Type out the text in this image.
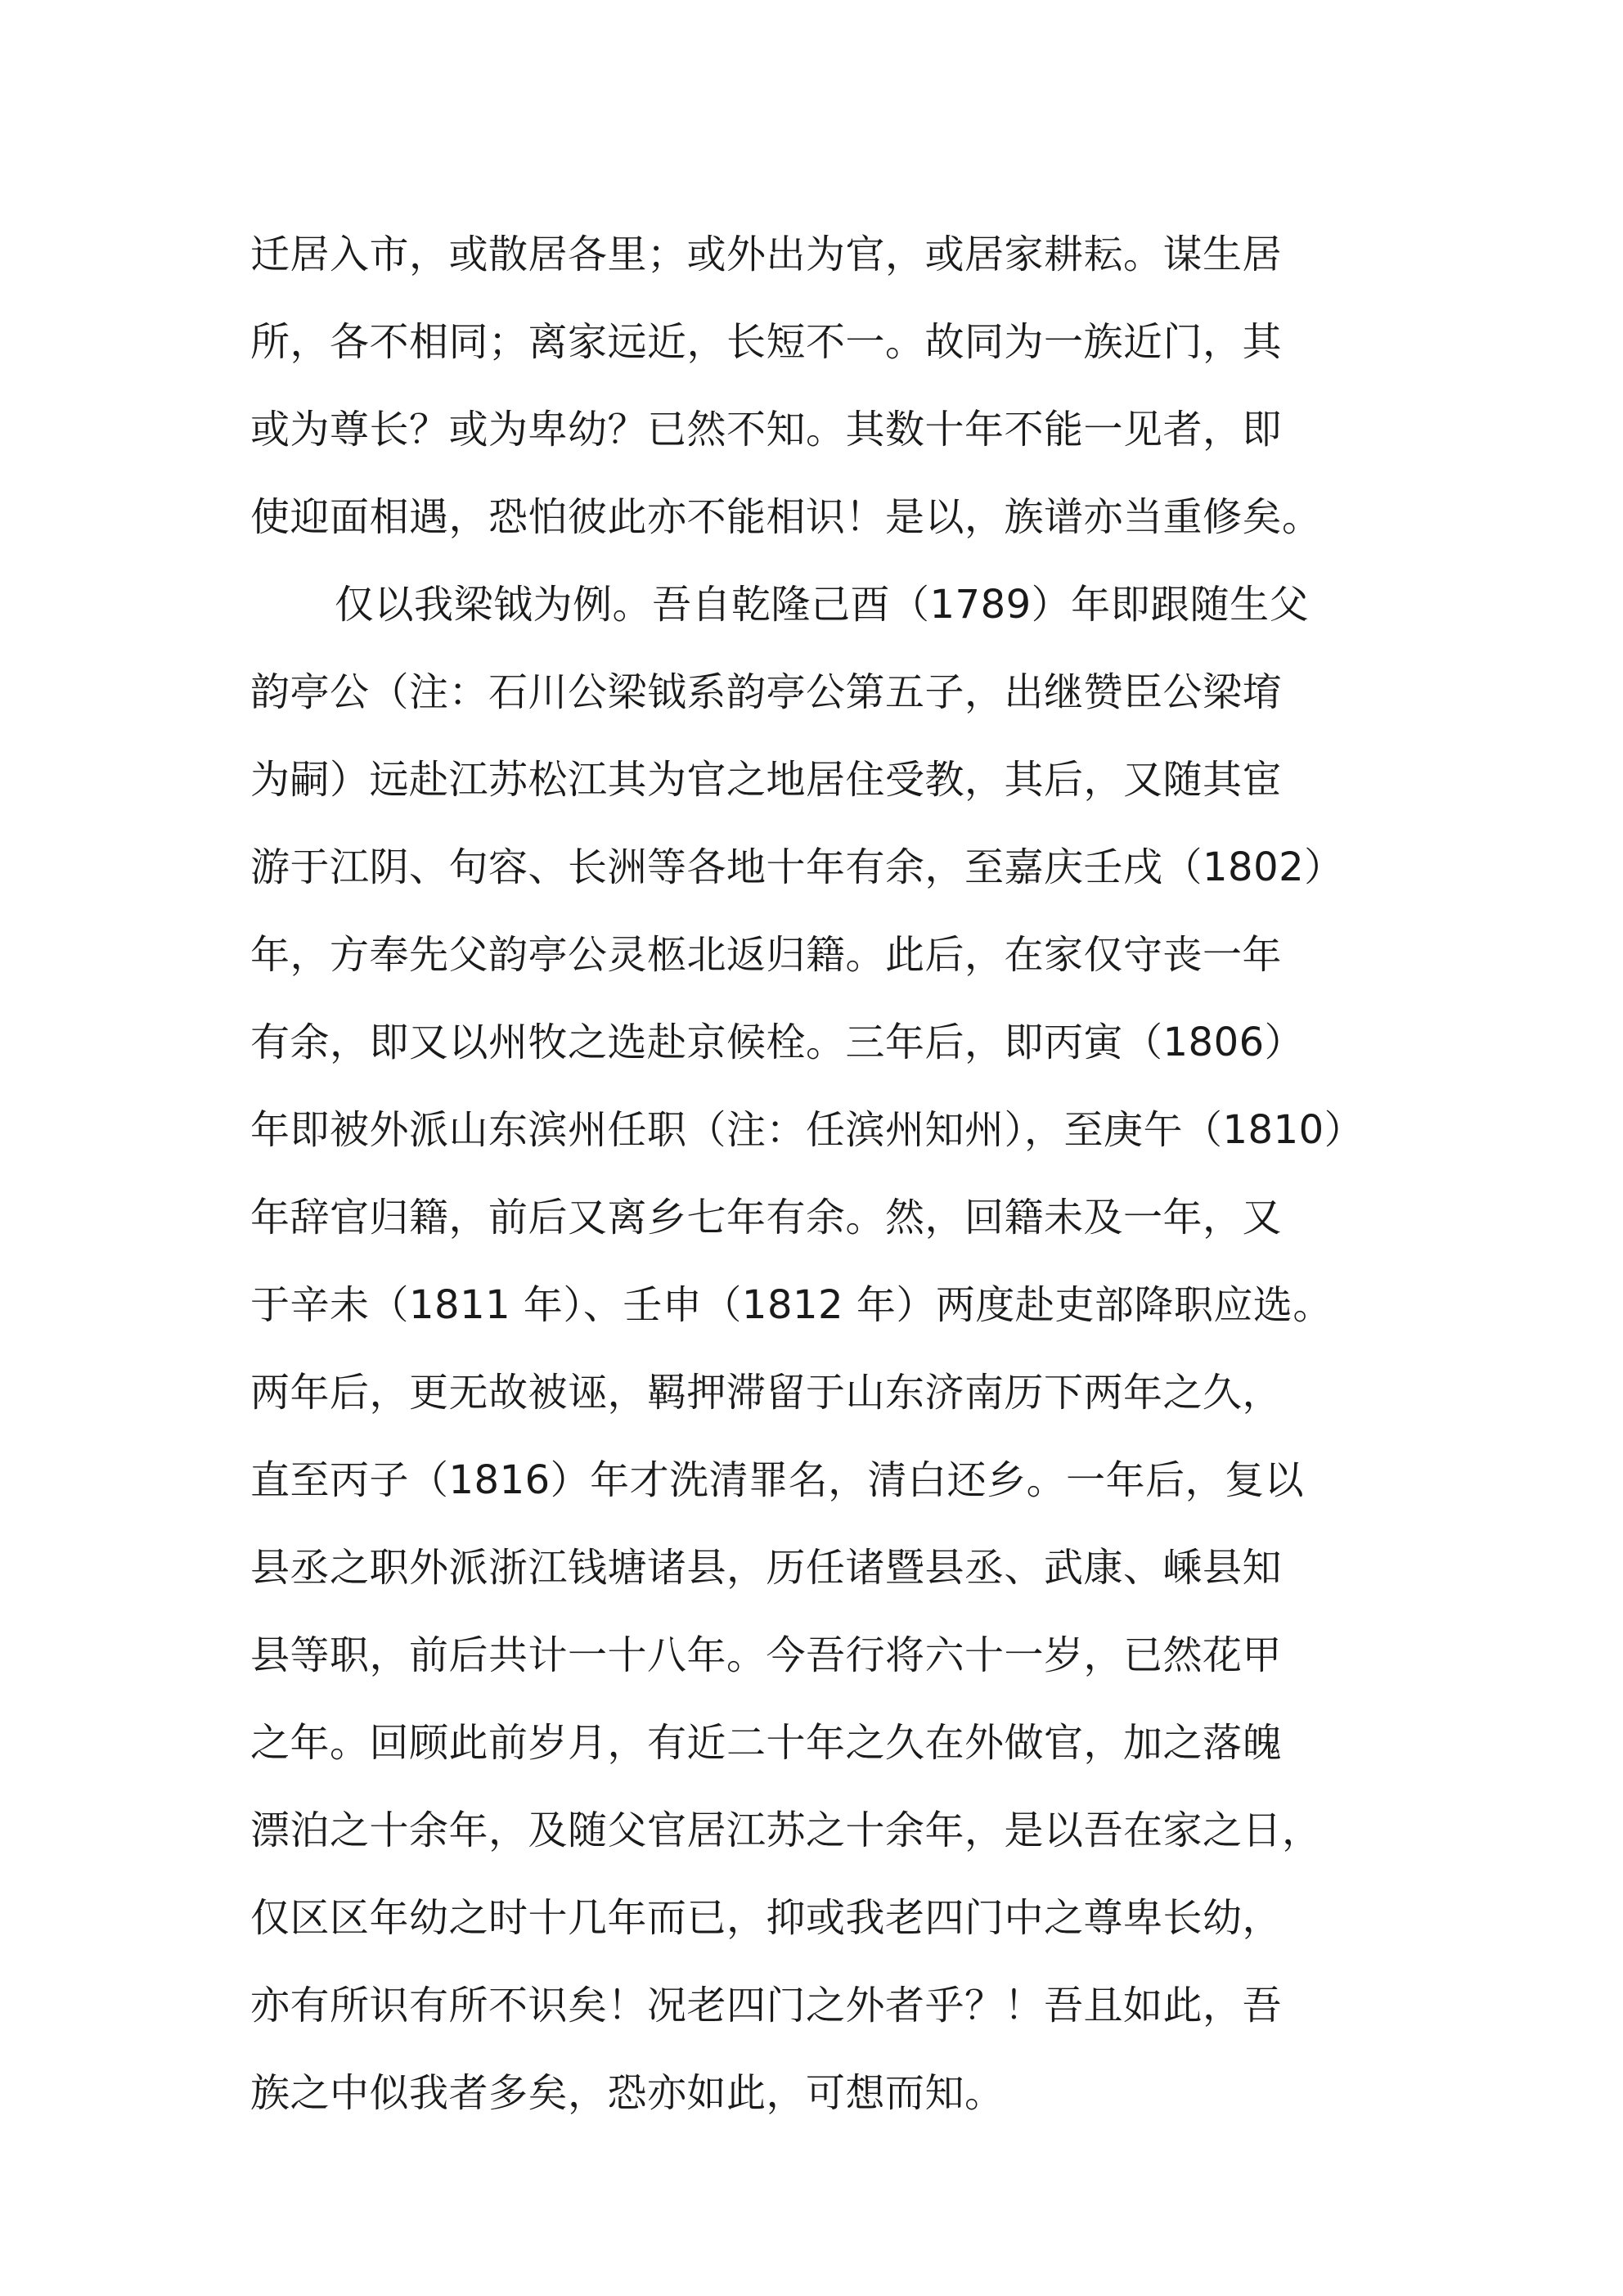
迁居入市，或散居各里；或外出为官，或居家耕耘。谋生居
所，各不相同；离家远近，长短不一。故同为一族近门，其
或为尊长？或为卑幼？已然不知。其数十年不能一见者，即
使迎面相遇，恐怕彼此亦不能相识！是以，族谱亦当重修矣。
仅以我梁钺为例。吾自乾隆己酉（1789）年即跟随生父
韵亭公（注：石川公梁钺系韵亭公第五子，出继赞臣公梁堉
为嗣）远赴江苏松江其为官之地居住受教，其后，又随其宦
游于江阴、句容、长洲等各地十年有余，至嘉庆壬戌（1802）
年，方奉先父韵亭公灵柩北返归籍。此后，在家仅守丧一年
有余，即又以州牧之选赴京候栓。三年后，即丙寅（1806）
年即被外派山东滨州任职（注：任滨州知州），至庚午（1810）
年辞官归籍，前后又离乡七年有余。然，回籍未及一年，又
于辛未（1811 年）、壬申（1812 年）两度赴吏部降职应选。
两年后，更无故被诬，羁押滞留于山东济南历下两年之久，
直至丙子（1816）年才洗清罪名，清白还乡。一年后，复以
县丞之职外派浙江钱塘诸县，历任诸暨县丞、武康、嵊县知
县等职，前后共计一十八年。今吾行将六十一岁，已然花甲
之年。回顾此前岁月，有近二十年之久在外做官，加之落魄
漂泊之十余年，及随父官居江苏之十余年，是以吾在家之日，
仅区区年幼之时十几年而已，抑或我老四门中之尊卑长幼，
亦有所识有所不识矣！况老四门之外者乎？！吾且如此，吾
族之中似我者多矣，恐亦如此，可想而知。
